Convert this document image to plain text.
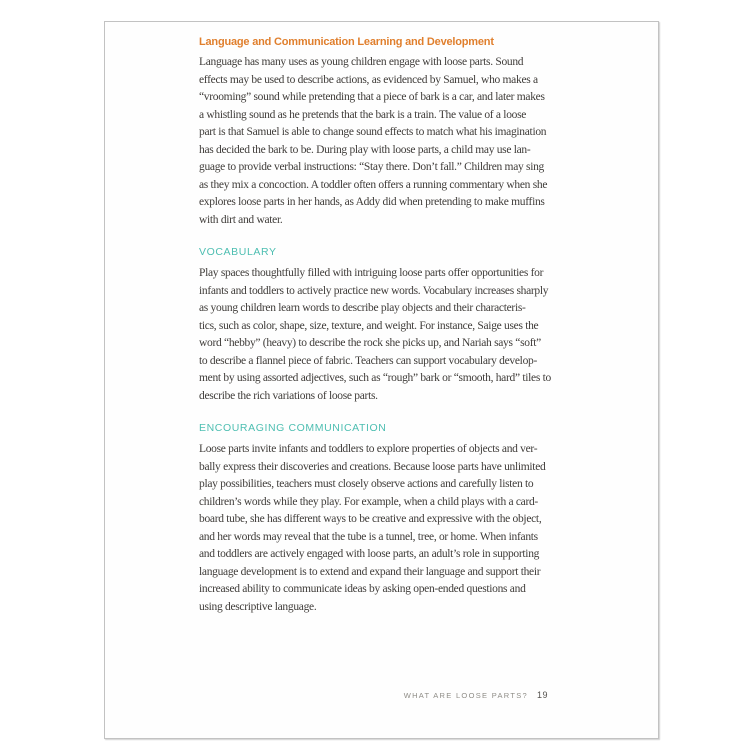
Language and Communication Learning and Development
Language has many uses as young children engage with loose parts. Sound
effects may be used to describe actions, as evidenced by Samuel, who makes a
“vrooming” sound while pretending that a piece of bark is a car, and later makes
a whistling sound as he pretends that the bark is a train. The value of a loose
part is that Samuel is able to change sound effects to match what his imagination
has decided the bark to be. During play with loose parts, a child may use lan-
guage to provide verbal instructions: “Stay there. Don’t fall.” Children may sing
as they mix a concoction. A toddler often offers a running commentary when she
explores loose parts in her hands, as Addy did when pretending to make muffins
with dirt and water.
VOCABULARY
Play spaces thoughtfully filled with intriguing loose parts offer opportunities for
infants and toddlers to actively practice new words. Vocabulary increases sharply
as young children learn words to describe play objects and their characteris-
tics, such as color, shape, size, texture, and weight. For instance, Saige uses the
word “hebby” (heavy) to describe the rock she picks up, and Nariah says “soft”
to describe a flannel piece of fabric. Teachers can support vocabulary develop-
ment by using assorted adjectives, such as “rough” bark or “smooth, hard” tiles to
describe the rich variations of loose parts.
ENCOURAGING COMMUNICATION
Loose parts invite infants and toddlers to explore properties of objects and ver-
bally express their discoveries and creations. Because loose parts have unlimited
play possibilities, teachers must closely observe actions and carefully listen to
children’s words while they play. For example, when a child plays with a card-
board tube, she has different ways to be creative and expressive with the object,
and her words may reveal that the tube is a tunnel, tree, or home. When infants
and toddlers are actively engaged with loose parts, an adult’s role in supporting
language development is to extend and expand their language and support their
increased ability to communicate ideas by asking open-ended questions and
using descriptive language.
WHAT ARE LOOSE PARTS? 19
